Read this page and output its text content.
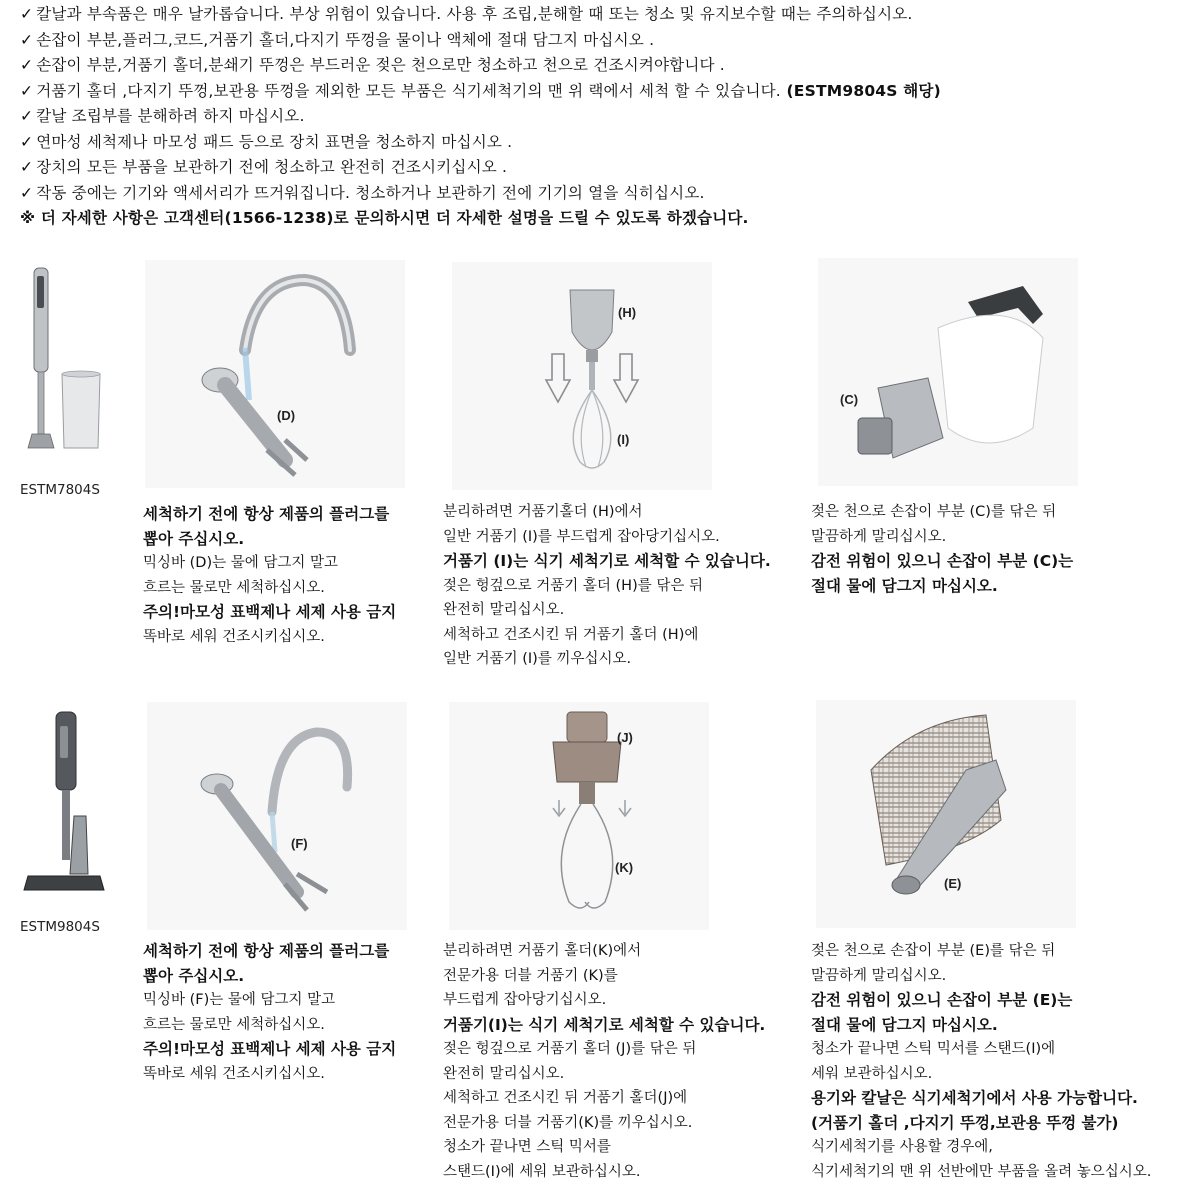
✓ 칼날과 부속품은 매우 날카롭습니다. 부상 위험이 있습니다. 사용 후 조립,분해할 때 또는 청소 및 유지보수할 때는 주의하십시오.
✓ 손잡이 부분,플러그,코드,거품기 홀더,다지기 뚜껑을 물이나 액체에 절대 담그지 마십시오 .
✓ 손잡이 부분,거품기 홀더,분쇄기 뚜껑은 부드러운 젖은 천으로만 청소하고 천으로 건조시켜야합니다 .
✓ 거품기 홀더 ,다지기 뚜껑,보관용 뚜껑을 제외한 모든 부품은 식기세척기의 맨 위 랙에서 세척 할 수 있습니다. (ESTM9804S 해당)
✓ 칼날 조립부를 분해하려 하지 마십시오.
✓ 연마성 세척제나 마모성 패드 등으로 장치 표면을 청소하지 마십시오 .
✓ 장치의 모든 부품을 보관하기 전에 청소하고 완전히 건조시키십시오 .
✓ 작동 중에는 기기와 액세서리가 뜨거워집니다. 청소하거나 보관하기 전에 기기의 열을 식히십시오.
※ 더 자세한 사항은 고객센터(1566-1238)로 문의하시면 더 자세한 설명을 드릴 수 있도록 하겠습니다.
ESTM7804S
(D)
(H)
(I)
(C)
세척하기 전에 항상 제품의 플러그를
뽑아 주십시오.
믹싱바 (D)는 물에 담그지 말고
흐르는 물로만 세척하십시오.
주의!마모성 표백제나 세제 사용 금지
똑바로 세워 건조시키십시오.
분리하려면 거품기홀더 (H)에서
일반 거품기 (I)를 부드럽게 잡아당기십시오.
거품기 (I)는 식기 세척기로 세척할 수 있습니다.
젖은 헝겊으로 거품기 홀더 (H)를 닦은 뒤
완전히 말리십시오.
세척하고 건조시킨 뒤 거품기 홀더 (H)에
일반 거품기 (I)를 끼우십시오.
젖은 천으로 손잡이 부분 (C)를 닦은 뒤
말끔하게 말리십시오.
감전 위험이 있으니 손잡이 부분 (C)는
절대 물에 담그지 마십시오.
ESTM9804S
(F)
(J)
(K)
(E)
세척하기 전에 항상 제품의 플러그를
뽑아 주십시오.
믹싱바 (F)는 물에 담그지 말고
흐르는 물로만 세척하십시오.
주의!마모성 표백제나 세제 사용 금지
똑바로 세워 건조시키십시오.
분리하려면 거품기 홀더(K)에서
전문가용 더블 거품기 (K)를
부드럽게 잡아당기십시오.
거품기(I)는 식기 세척기로 세척할 수 있습니다.
젖은 헝겊으로 거품기 홀더 (J)를 닦은 뒤
완전히 말리십시오.
세척하고 건조시킨 뒤 거품기 홀더(J)에
전문가용 더블 거품기(K)를 끼우십시오.
청소가 끝나면 스틱 믹서를
스탠드(I)에 세워 보관하십시오.
젖은 천으로 손잡이 부분 (E)를 닦은 뒤
말끔하게 말리십시오.
감전 위험이 있으니 손잡이 부분 (E)는
절대 물에 담그지 마십시오.
청소가 끝나면 스틱 믹서를 스탠드(I)에
세워 보관하십시오.
용기와 칼날은 식기세척기에서 사용 가능합니다.
(거품기 홀더 ,다지기 뚜껑,보관용 뚜껑 불가)
식기세척기를 사용할 경우에,
식기세척기의 맨 위 선반에만 부품을 올려 놓으십시오.
